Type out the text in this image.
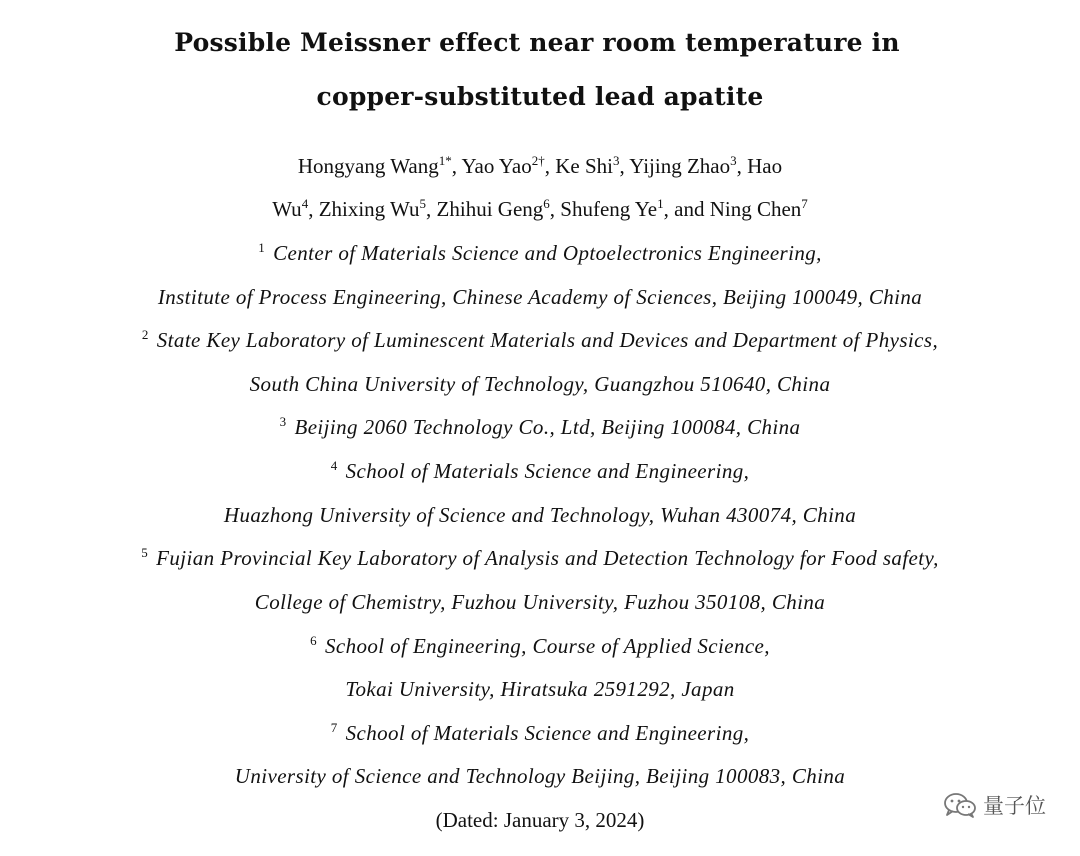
Possible Meissner effect near room temperature in
copper-substituted lead apatite
Hongyang Wang$^{1*}$, Yao Yao$^{2\dagger}$, Ke Shi$^3$, Yijing Zhao$^3$, Hao
Wu$^4$, Zhixing Wu$^5$, Zhihui Geng$^6$, Shufeng Ye$^1$, and Ning Chen$^7$
$^1$ Center of Materials Science and Optoelectronics Engineering,
Institute of Process Engineering, Chinese Academy of Sciences, Beijing 100049, China
$^2$ State Key Laboratory of Luminescent Materials and Devices and Department of Physics,
South China University of Technology, Guangzhou 510640, China
$^3$ Beijing 2060 Technology Co., Ltd, Beijing 100084, China
$^4$ School of Materials Science and Engineering,
Huazhong University of Science and Technology, Wuhan 430074, China
$^5$ Fujian Provincial Key Laboratory of Analysis and Detection Technology for Food safety,
College of Chemistry, Fuzhou University, Fuzhou 350108, China
$^6$ School of Engineering, Course of Applied Science,
Tokai University, Hiratsuka 2591292, Japan
$^7$ School of Materials Science and Engineering,
University of Science and Technology Beijing, Beijing 100083, China
(Dated: January 3, 2024)
量子位
